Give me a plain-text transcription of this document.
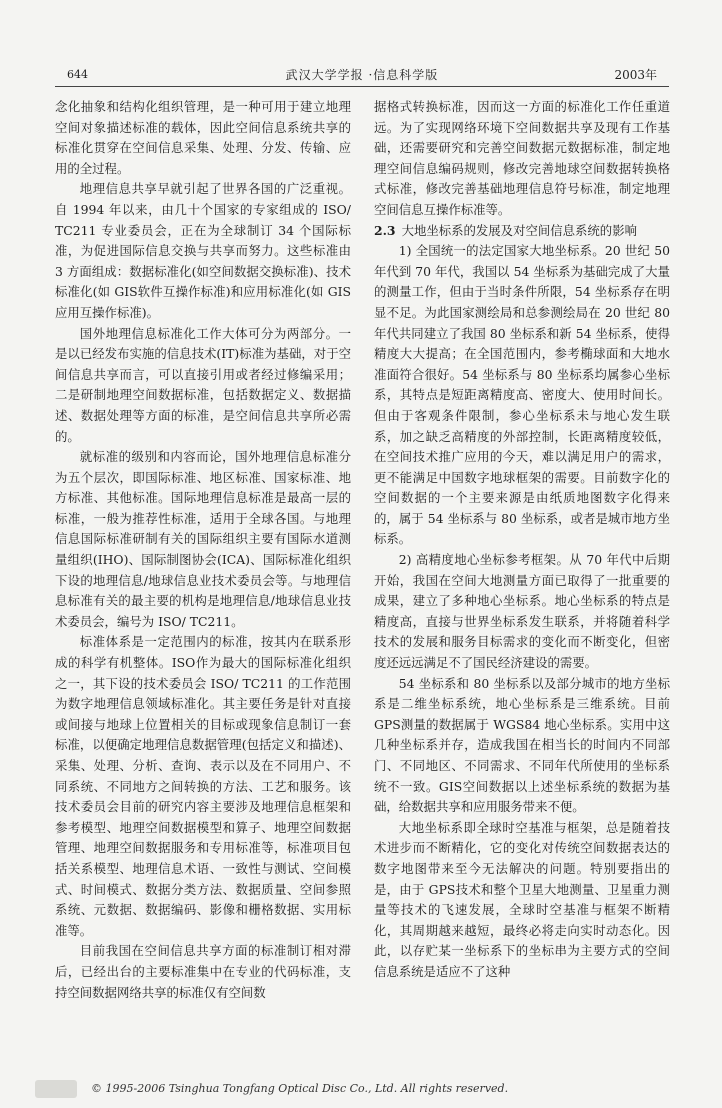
644	武汉大学学报 ·信息科学版	2003年

念化抽象和结构化组织管理，是一种可用于建立地理空间对象描述标准的载体，因此空间信息系统共享的标准化贯穿在空间信息采集、处理、分发、传输、应用的全过程。

地理信息共享早就引起了世界各国的广泛重视。自 1994 年以来，由几十个国家的专家组成的 ISO/ TC211 专业委员会，正在为全球制订 34 个国际标准，为促进国际信息交换与共享而努力。这些标准由 3 方面组成：数据标准化(如空间数据交换标准)、技术标准化(如 GIS软件互操作标准)和应用标准化(如 GIS应用互操作标准)。

国外地理信息标准化工作大体可分为两部分。一是以已经发布实施的信息技术(IT)标准为基础，对于空间信息共享而言，可以直接引用或者经过修编采用；二是研制地理空间数据标准，包括数据定义、数据描述、数据处理等方面的标准，是空间信息共享所必需的。

就标准的级别和内容而论，国外地理信息标准分为五个层次，即国际标准、地区标准、国家标准、地方标准、其他标准。国际地理信息标准是最高一层的标准，一般为推荐性标准，适用于全球各国。与地理信息国际标准研制有关的国际组织主要有国际水道测量组织(IHO)、国际制图协会(ICA)、国际标准化组织下设的地理信息/地球信息业技术委员会等。与地理信息标准有关的最主要的机构是地理信息/地球信息业技术委员会，编号为 ISO/ TC211。

标准体系是一定范围内的标准，按其内在联系形成的科学有机整体。ISO作为最大的国际标准化组织之一，其下设的技术委员会 ISO/ TC211 的工作范围为数字地理信息领域标准化。其主要任务是针对直接或间接与地球上位置相关的目标或现象信息制订一套标准，以便确定地理信息数据管理(包括定义和描述)、采集、处理、分析、查询、表示以及在不同用户、不同系统、不同地方之间转换的方法、工艺和服务。该技术委员会目前的研究内容主要涉及地理信息框架和参考模型、地理空间数据模型和算子、地理空间数据管理、地理空间数据服务和专用标准等，标准项目包括关系模型、地理信息术语、一致性与测试、空间模式、时间模式、数据分类方法、数据质量、空间参照系统、元数据、数据编码、影像和栅格数据、实用标准等。

目前我国在空间信息共享方面的标准制订相对滞后，已经出台的主要标准集中在专业的代码标准，支持空间数据网络共享的标准仅有空间数

据格式转换标准，因而这一方面的标准化工作任重道远。为了实现网络环境下空间数据共享及现有工作基础，还需要研究和完善空间数据元数据标准，制定地理空间信息编码规则，修改完善地球空间数据转换格式标准，修改完善基础地理信息符号标准，制定地理空间信息互操作标准等。

2.3 大地坐标系的发展及对空间信息系统的影响

1) 全国统一的法定国家大地坐标系。20 世纪 50 年代到 70 年代，我国以 54 坐标系为基础完成了大量的测量工作，但由于当时条件所限，54 坐标系存在明显不足。为此国家测绘局和总参测绘局在 20 世纪 80 年代共同建立了我国 80 坐标系和新 54 坐标系，使得精度大大提高；在全国范围内，参考椭球面和大地水准面符合很好。54 坐标系与 80 坐标系均属参心坐标系，其特点是短距离精度高、密度大、使用时间长。但由于客观条件限制，参心坐标系未与地心发生联系，加之缺乏高精度的外部控制，长距离精度较低，在空间技术推广应用的今天，难以满足用户的需求，更不能满足中国数字地球框架的需要。目前数字化的空间数据的一个主要来源是由纸质地图数字化得来的，属于 54 坐标系与 80 坐标系，或者是城市地方坐标系。

2) 高精度地心坐标参考框架。从 70 年代中后期开始，我国在空间大地测量方面已取得了一批重要的成果，建立了多种地心坐标系。地心坐标系的特点是精度高，直接与世界坐标系发生联系，并将随着科学技术的发展和服务目标需求的变化而不断变化，但密度还远远满足不了国民经济建设的需要。

54 坐标系和 80 坐标系以及部分城市的地方坐标系是二维坐标系统，地心坐标系是三维系统。目前 GPS测量的数据属于 WGS84 地心坐标系。实用中这几种坐标系并存，造成我国在相当长的时间内不同部门、不同地区、不同需求、不同年代所使用的坐标系统不一致。GIS空间数据以上述坐标系统的数据为基础，给数据共享和应用服务带来不便。

大地坐标系即全球时空基准与框架，总是随着技术进步而不断精化，它的变化对传统空间数据表达的数字地图带来至今无法解决的问题。特别要指出的是，由于 GPS技术和整个卫星大地测量、卫星重力测量等技术的飞速发展，全球时空基准与框架不断精化，其周期越来越短，最终必将走向实时动态化。因此，以存贮某一坐标系下的坐标串为主要方式的空间信息系统是适应不了这种

© 1995-2006 Tsinghua Tongfang Optical Disc Co., Ltd. All rights reserved.
